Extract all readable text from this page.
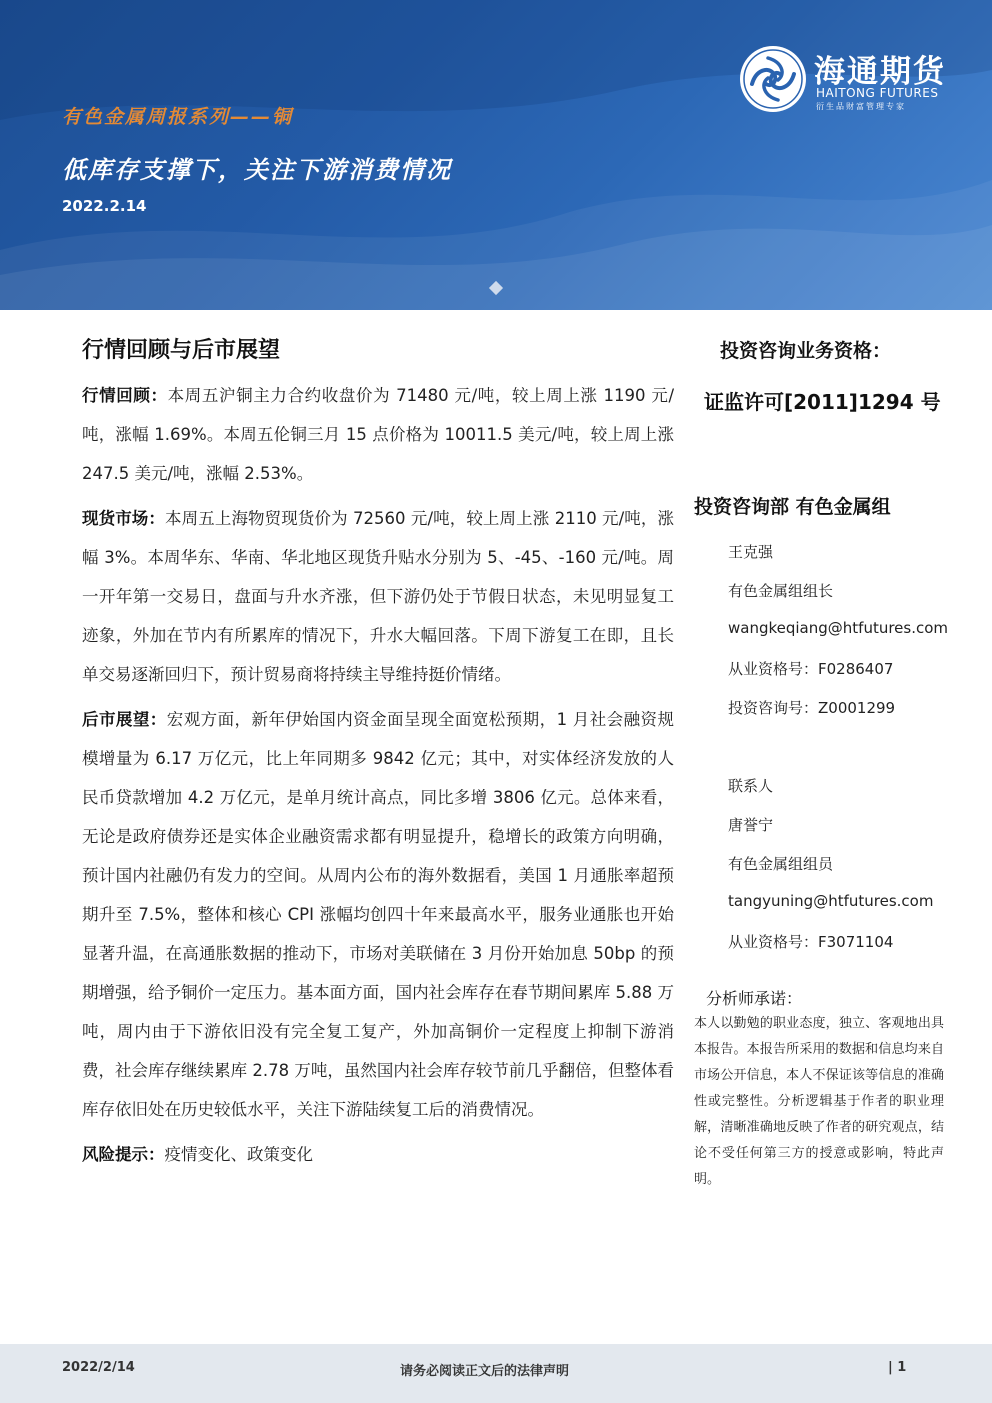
有色金属周报系列——铜
低库存支撑下，关注下游消费情况
2022.2.14
海通期货
HAITONG FUTURES
衍生品财富管理专家
行情回顾与后市展望

行情回顾：本周五沪铜主力合约收盘价为 71480 元/吨，较上周上涨 1190 元/吨，涨幅 1.69%。本周五伦铜三月 15 点价格为 10011.5 美元/吨，较上周上涨 247.5 美元/吨，涨幅 2.53%。

现货市场：本周五上海物贸现货价为 72560 元/吨，较上周上涨 2110 元/吨，涨幅 3%。本周华东、华南、华北地区现货升贴水分别为 5、-45、-160 元/吨。周一开年第一交易日，盘面与升水齐涨，但下游仍处于节假日状态，未见明显复工迹象，外加在节内有所累库的情况下，升水大幅回落。下周下游复工在即，且长单交易逐渐回归下，预计贸易商将持续主导维持挺价情绪。

后市展望：宏观方面，新年伊始国内资金面呈现全面宽松预期，1 月社会融资规模增量为 6.17 万亿元，比上年同期多 9842 亿元；其中，对实体经济发放的人民币贷款增加 4.2 万亿元，是单月统计高点，同比多增 3806 亿元。总体来看，无论是政府债券还是实体企业融资需求都有明显提升，稳增长的政策方向明确，预计国内社融仍有发力的空间。从周内公布的海外数据看，美国 1 月通胀率超预期升至 7.5%，整体和核心 CPI 涨幅均创四十年来最高水平，服务业通胀也开始显著升温，在高通胀数据的推动下，市场对美联储在 3 月份开始加息 50bp 的预期增强，给予铜价一定压力。基本面方面，国内社会库存在春节期间累库 5.88 万吨，周内由于下游依旧没有完全复工复产，外加高铜价一定程度上抑制下游消费，社会库存继续累库 2.78 万吨，虽然国内社会库存较节前几乎翻倍，但整体看库存依旧处在历史较低水平，关注下游陆续复工后的消费情况。

风险提示：疫情变化、政策变化

投资咨询业务资格：
证监许可[2011]1294 号
投资咨询部 有色金属组
王克强
有色金属组组长
wangkeqiang@htfutures.com
从业资格号：F0286407
投资咨询号：Z0001299
联系人
唐誉宁
有色金属组组员
tangyuning@htfutures.com
从业资格号：F3071104
分析师承诺：

本人以勤勉的职业态度，独立、客观地出具本报告。本报告所采用的数据和信息均来自市场公开信息，本人不保证该等信息的准确性或完整性。分析逻辑基于作者的职业理解，清晰准确地反映了作者的研究观点，结论不受任何第三方的授意或影响，特此声明。

2022/2/14	请务必阅读正文后的法律声明	| 1
